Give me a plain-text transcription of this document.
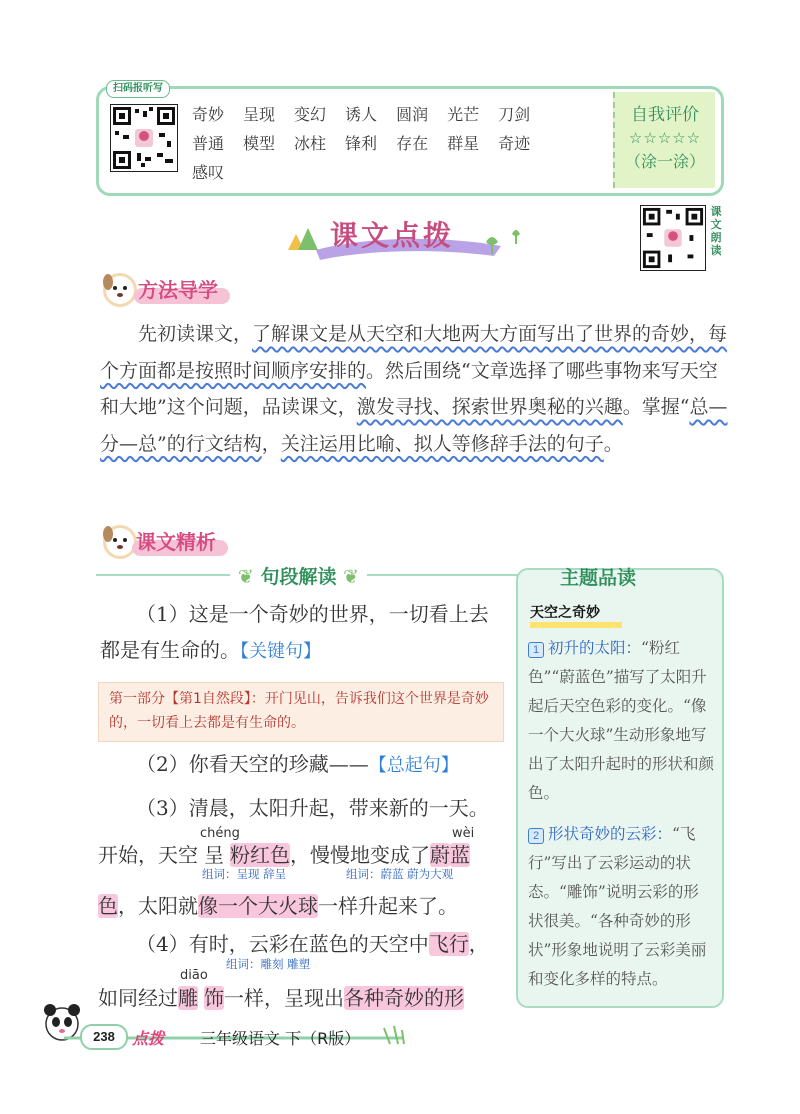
扫码报听写
奇妙 呈现 变幻 诱人 圆润 光芒 刀剑
普通 模型 冰柱 锋利 存在 群星 奇迹
感叹
自我评价
☆☆☆☆☆
（涂一涂）
课文点拨
课文朗读
方法导学
先初读课文，了解课文是从天空和大地两大方面写出了世界的奇妙，每个方面都是按照时间顺序安排的。然后围绕“文章选择了哪些事物来写天空和大地”这个问题，品读课文，激发寻找、探索世界奥秘的兴趣。掌握“总—分—总”的行文结构，关注运用比喻、拟人等修辞手法的句子。
课文精析
❦ 句段解读 ❦	主题品读
（1）这是一个奇妙的世界，一切看上去都是有生命的。【关键句】
第一部分【第1自然段】：开门见山，告诉我们这个世界是奇妙的，一切看上去都是有生命的。
（2）你看天空的珍藏——【总起句】
（3）清晨，太阳升起，带来新的一天。
chéng	wèi
开始，天空 呈 粉红色，慢慢地变成了蔚蓝
组词：呈现 辞呈	组词：蔚蓝 蔚为大观
色，太阳就像一个大火球一样升起来了。
（4）有时，云彩在蓝色的天空中飞行，
组词：雕刻 雕塑
diāo
如同经过雕 饰一样，呈现出各种奇妙的形
天空之奇妙
1 初升的太阳：“粉红色”“蔚蓝色”描写了太阳升起后天空色彩的变化。“像一个大火球”生动形象地写出了太阳升起时的形状和颜色。
2 形状奇妙的云彩：“飞行”写出了云彩运动的状态。“雕饰”说明云彩的形状很美。“各种奇妙的形状”形象地说明了云彩美丽和变化多样的特点。
238	点拨 三年级语文 下（R版）
